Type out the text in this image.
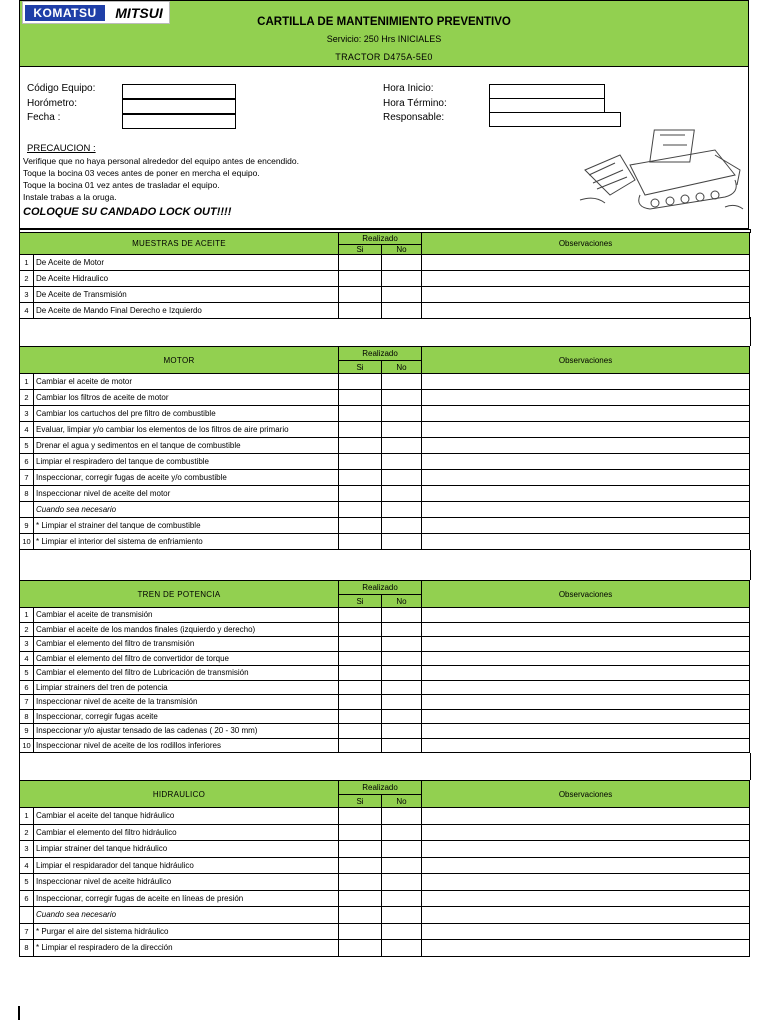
CARTILLA DE MANTENIMIENTO PREVENTIVO
Servicio: 250 Hrs INICIALES
TRACTOR D475A-5E0
KOMATSU	MITSUI
Código Equipo:
Horómetro:
Fecha :
Hora Inicio:
Hora Término:
Responsable:
PRECAUCION :
Verifique que no haya personal alrededor del equipo antes de encendido.
Toque la bocina 03 veces antes de poner en mercha el equipo.
Toque la bocina 01 vez antes de trasladar el equipo.
Instale trabas a la oruga.
COLOQUE SU CANDADO LOCK OUT!!!!
MUESTRAS DE ACEITE		Realizado		Observaciones
		Si	No	
1	De Aceite de Motor			
2	De Aceite Hidraulico			
3	De Aceite de Transmisión			
4	De Aceite de Mando Final Derecho e Izquierdo			
MOTOR		Realizado		Observaciones
		Si	No	
1	Cambiar el aceite de motor			
2	Cambiar los filtros de aceite de motor			
3	Cambiar los cartuchos del pre filtro de combustible			
4	Evaluar, limpiar y/o cambiar los elementos de los filtros de aire primario			
5	Drenar el agua y sedimentos en el tanque de combustible			
6	Limpiar el respiradero del tanque de combustible			
7	Inspeccionar, corregir fugas de aceite y/o combustible			
8	Inspeccionar nivel de aceite del motor			
	Cuando sea necesario			
9	* Limpiar el strainer del tanque de combustible			
10	* Limpiar el interior del sistema de enfriamiento			
TREN DE POTENCIA		Realizado		Observaciones
		Si	No	
1	Cambiar el aceite de transmisión			
2	Cambiar el aceite de los mandos finales (izquierdo y derecho)			
3	Cambiar el elemento del filtro de transmisión			
4	Cambiar el elemento del filtro de convertidor de torque			
5	Cambiar el elemento del filtro de Lubricación de transmisión			
6	Limpiar strainers del tren de potencia			
7	Inspeccionar nivel de aceite de la transmisión			
8	Inspeccionar, corregir fugas aceite			
9	Inspeccionar y/o ajustar tensado de las cadenas ( 20 - 30 mm)			
10	Inspeccionar nivel de aceite de los rodillos inferiores			
HIDRAULICO		Realizado		Observaciones
		Si	No	
1	Cambiar el aceite del tanque hidráulico			
2	Cambiar el elemento del filtro hidráulico			
3	Limpiar strainer del tanque hidráulico			
4	Limpiar el respidarador del tanque hidráulico			
5	Inspeccionar nivel de aceite hidráulico			
6	Inspeccionar, corregir fugas de aceite en líneas de presión			
	Cuando sea necesario			
7	* Purgar el aire del sistema hidráulico			
8	* Limpiar el respiradero de la dirección			
